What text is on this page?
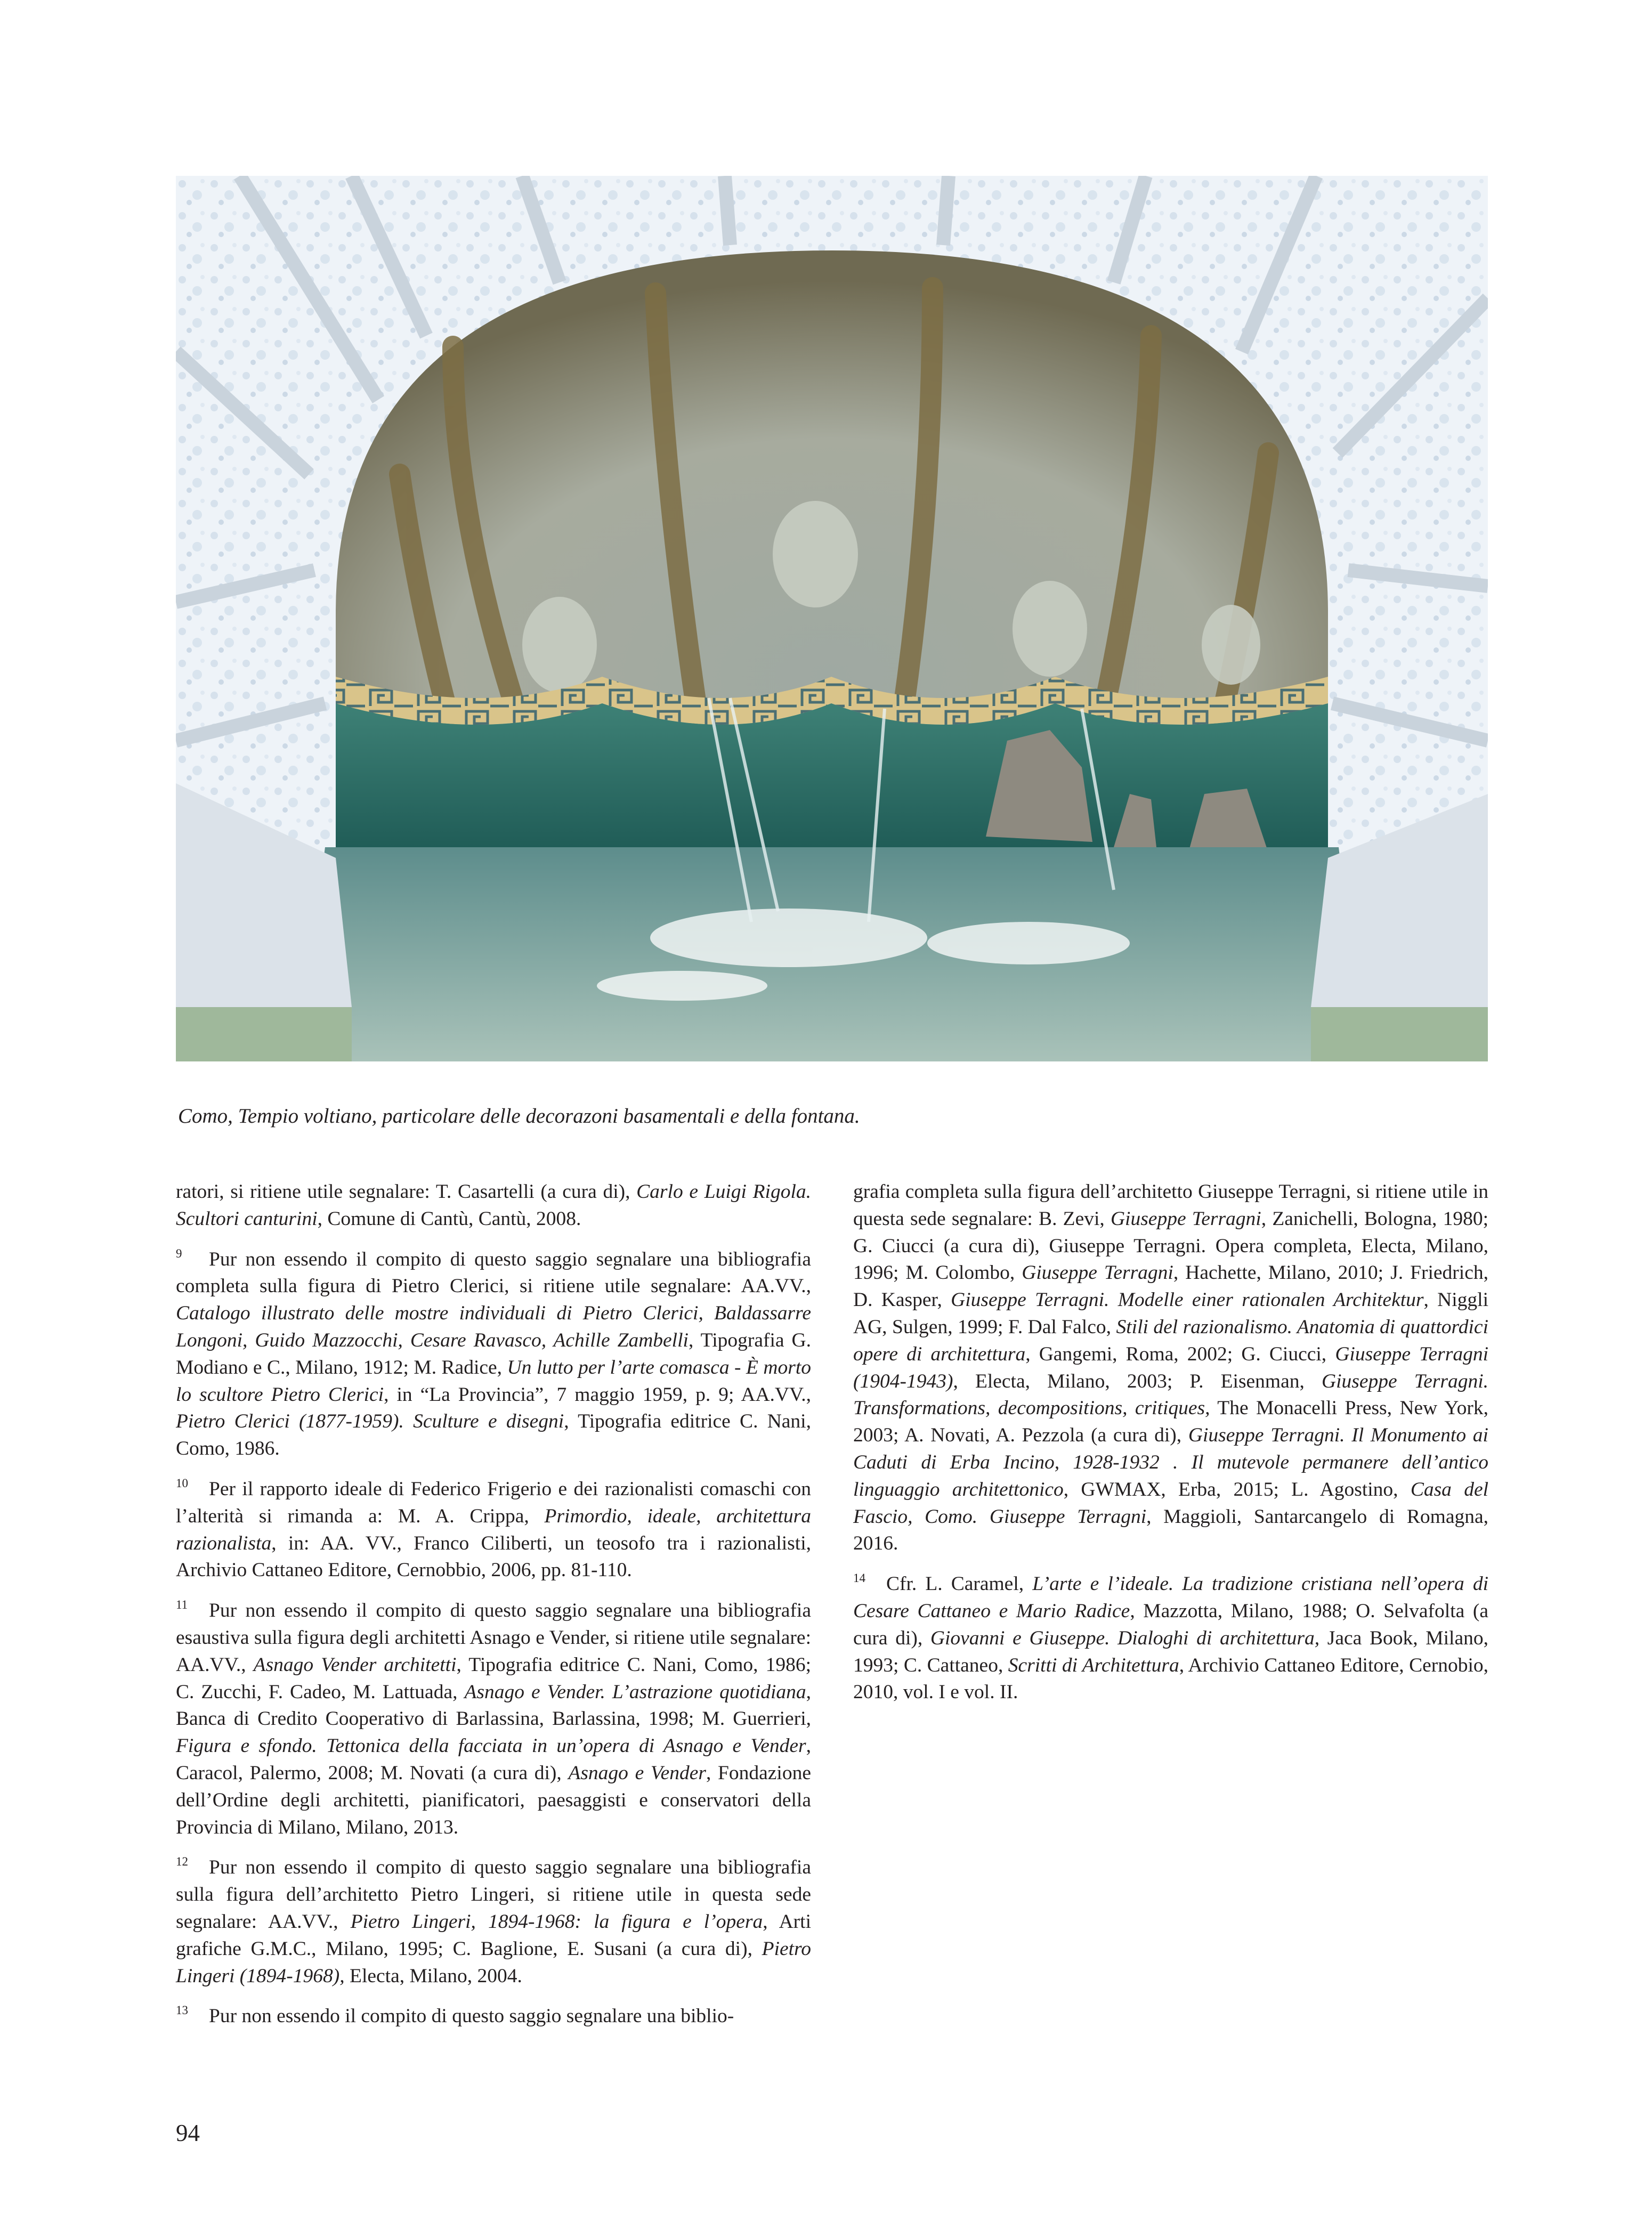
Como, Tempio voltiano, particolare delle decorazoni basamentali e della fontana.

ratori, si ritiene utile segnalare: T. Casartelli (a cura di), Carlo e Luigi Rigola. Scultori canturini, Comune di Cantù, Cantù, 2008.

9 Pur non essendo il compito di questo saggio segnalare una bibliografia completa sulla figura di Pietro Clerici, si ritiene utile segnalare: AA.VV., Catalogo illustrato delle mostre individuali di Pietro Clerici, Baldassarre Longoni, Guido Mazzocchi, Cesare Ravasco, Achille Zambelli, Tipografia G. Modiano e C., Milano, 1912; M. Radice, Un lutto per l’arte comasca - È morto lo scultore Pietro Clerici, in “La Provincia”, 7 maggio 1959, p. 9; AA.VV., Pietro Clerici (1877-1959). Sculture e disegni, Tipografia editrice C. Nani, Como, 1986.

10 Per il rapporto ideale di Federico Frigerio e dei razionalisti comaschi con l’alterità si rimanda a: M. A. Crippa, Primordio, ideale, architettura razionalista, in: AA. VV., Franco Ciliberti, un teosofo tra i razionalisti, Archivio Cattaneo Editore, Cernobbio, 2006, pp. 81-110.

11 Pur non essendo il compito di questo saggio segnalare una bibliografia esaustiva sulla figura degli architetti Asnago e Vender, si ritiene utile segnalare: AA.VV., Asnago Vender architetti, Tipografia editrice C. Nani, Como, 1986; C. Zucchi, F. Cadeo, M. Lattuada, Asnago e Vender. L’astrazione quotidiana, Banca di Credito Cooperativo di Barlassina, Barlassina, 1998; M. Guerrieri, Figura e sfondo. Tettonica della facciata in un’opera di Asnago e Vender, Caracol, Palermo, 2008; M. Novati (a cura di), Asnago e Vender, Fondazione dell’Ordine degli architetti, pianificatori, paesaggisti e conservatori della Provincia di Milano, Milano, 2013.

12 Pur non essendo il compito di questo saggio segnalare una bibliografia sulla figura dell’architetto Pietro Lingeri, si ritiene utile in questa sede segnalare: AA.VV., Pietro Lingeri, 1894-1968: la figura e l’opera, Arti grafiche G.M.C., Milano, 1995; C. Baglione, E. Susani (a cura di), Pietro Lingeri (1894-1968), Electa, Milano, 2004.

13 Pur non essendo il compito di questo saggio segnalare una biblio-

grafia completa sulla figura dell’architetto Giuseppe Terragni, si ritiene utile in questa sede segnalare: B. Zevi, Giuseppe Terragni, Zanichelli, Bologna, 1980; G. Ciucci (a cura di), Giuseppe Terragni. Opera completa, Electa, Milano, 1996; M. Colombo, Giuseppe Terragni, Hachette, Milano, 2010; J. Friedrich, D. Kasper, Giuseppe Terragni. Modelle einer rationalen Architektur, Niggli AG, Sulgen, 1999; F. Dal Falco, Stili del razionalismo. Anatomia di quattordici opere di architettura, Gangemi, Roma, 2002; G. Ciucci, Giuseppe Terragni (1904-1943), Electa, Milano, 2003; P. Eisenman, Giuseppe Terragni. Transformations, decompositions, critiques, The Monacelli Press, New York, 2003; A. Novati, A. Pezzola (a cura di), Giuseppe Terragni. Il Monumento ai Caduti di Erba Incino, 1928-1932 . Il mutevole permanere dell’antico linguaggio architettonico, GWMAX, Erba, 2015; L. Agostino, Casa del Fascio, Como. Giuseppe Terragni, Maggioli, Santarcangelo di Romagna, 2016.

14 Cfr. L. Caramel, L’arte e l’ideale. La tradizione cristiana nell’opera di Cesare Cattaneo e Mario Radice, Mazzotta, Milano, 1988; O. Selvafolta (a cura di), Giovanni e Giuseppe. Dialoghi di architettura, Jaca Book, Milano, 1993; C. Cattaneo, Scritti di Architettura, Archivio Cattaneo Editore, Cernobio, 2010, vol. I e vol. II.

94
